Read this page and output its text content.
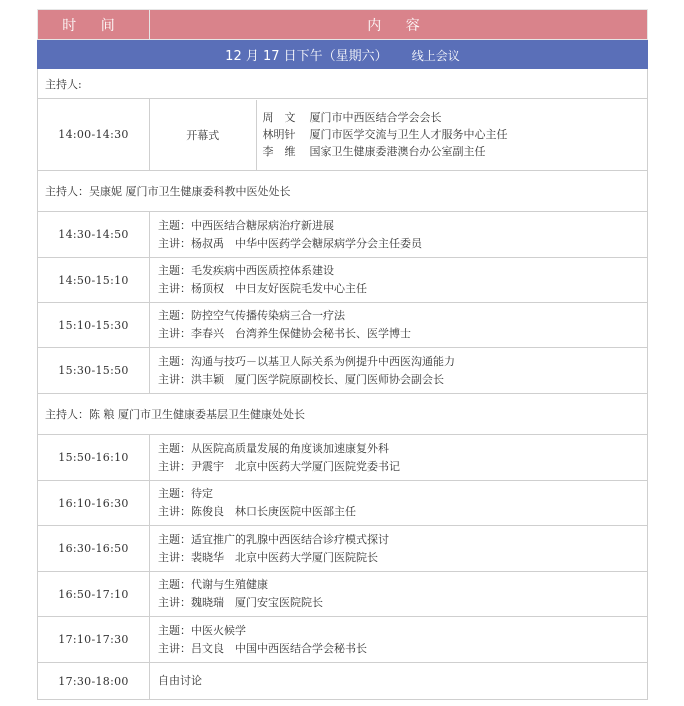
时 间	内 容
12 月 17 日下午（星期六） 线上会议
主持人:
14:00-14:30		开幕式	
周　文 厦门市中西医结合学会会长
林明针 厦门市医学交流与卫生人才服务中心主任
李　维 国家卫生健康委港澳台办公室副主任

主持人：吴康妮 厦门市卫生健康委科教中医处处长
14:30-14:50	
主题：中西医结合糖尿病治疗新进展
主讲：杨叔禹　中华中医药学会糖尿病学分会主任委员

14:50-15:10	
主题：毛发疾病中西医质控体系建设
主讲：杨顶权　中日友好医院毛发中心主任

15:10-15:30	
主题：防控空气传播传染病三合一疗法
主讲：李春兴　台湾养生保健协会秘书长、医学博士

15:30-15:50	
主题：沟通与技巧－以基卫人际关系为例提升中西医沟通能力
主讲：洪丰颖　厦门医学院原副校长、厦门医师协会副会长

主持人：陈 粮 厦门市卫生健康委基层卫生健康处处长
15:50-16:10	
主题：从医院高质量发展的角度谈加速康复外科
主讲：尹震宇　北京中医药大学厦门医院党委书记

16:10-16:30	
主题：待定
主讲：陈俊良　林口长庚医院中医部主任

16:30-16:50	
主题：适宜推广的乳腺中西医结合诊疗模式探讨
主讲：裴晓华　北京中医药大学厦门医院院长

16:50-17:10	
主题：代谢与生殖健康
主讲：魏晓瑞　厦门安宝医院院长

17:10-17:30	
主题：中医火候学
主讲：吕文良　中国中西医结合学会秘书长

17:30-18:00	自由讨论
